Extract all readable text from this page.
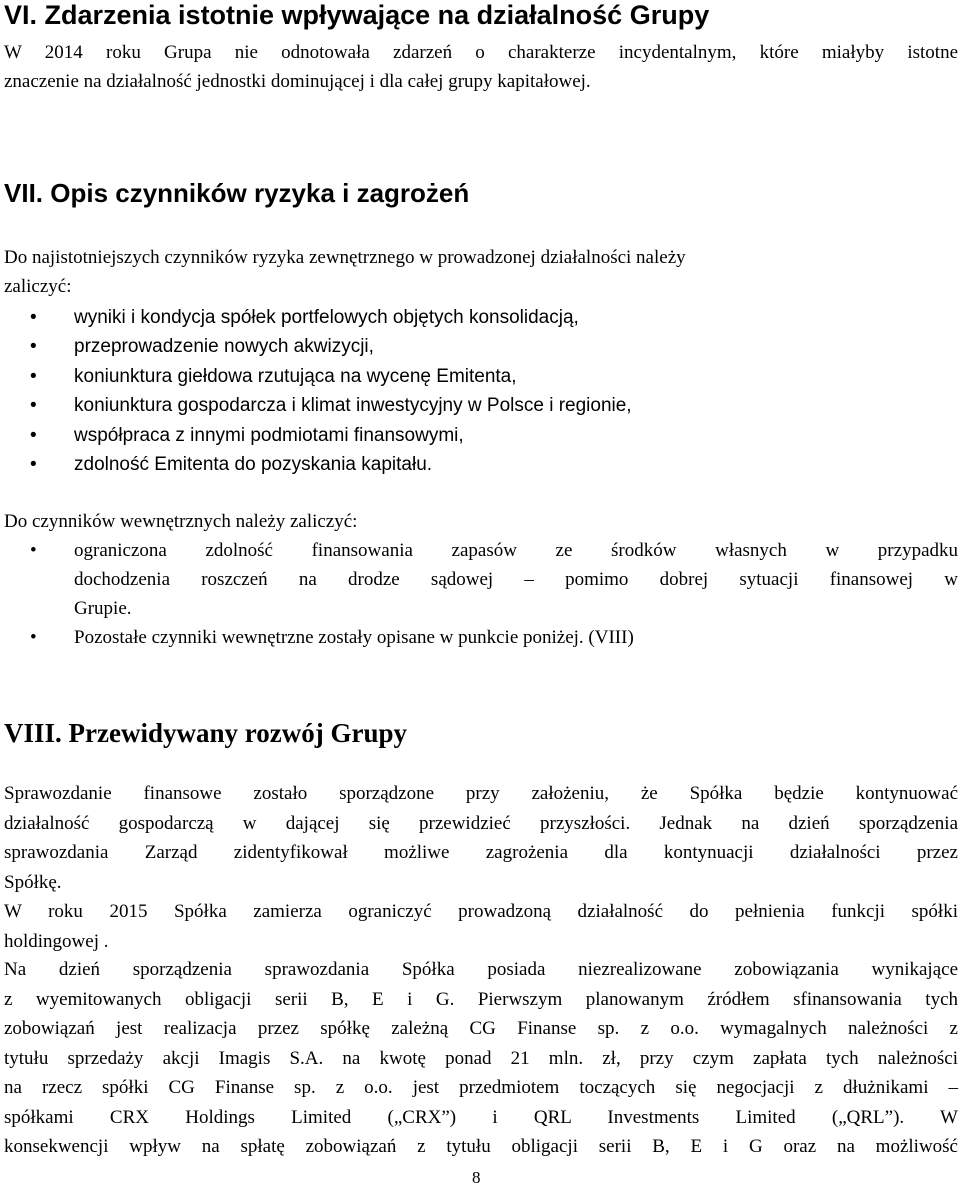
VI. Zdarzenia istotnie wpływające na działalność Grupy
W 2014 roku Grupa nie odnotowała zdarzeń o charakterze incydentalnym, które miałyby istotne
znaczenie na działalność jednostki dominującej i dla całej grupy kapitałowej.
VII. Opis czynników ryzyka i zagrożeń
Do najistotniejszych czynników ryzyka zewnętrznego w prowadzonej działalności należy
zaliczyć:
• wyniki i kondycja spółek portfelowych objętych konsolidacją,
• przeprowadzenie nowych akwizycji,
• koniunktura giełdowa rzutująca na wycenę Emitenta,
• koniunktura gospodarcza i klimat inwestycyjny w Polsce i regionie,
• współpraca z innymi podmiotami finansowymi,
• zdolność Emitenta do pozyskania kapitału.
Do czynników wewnętrznych należy zaliczyć:
• ograniczona zdolność finansowania zapasów ze środków własnych w przypadku
dochodzenia roszczeń na drodze sądowej – pomimo dobrej sytuacji finansowej w
Grupie.
• Pozostałe czynniki wewnętrzne zostały opisane w punkcie poniżej. (VIII)
VIII. Przewidywany rozwój Grupy
Sprawozdanie finansowe zostało sporządzone przy założeniu, że Spółka będzie kontynuować
działalność gospodarczą w dającej się przewidzieć przyszłości. Jednak na dzień sporządzenia
sprawozdania Zarząd zidentyfikował możliwe zagrożenia dla kontynuacji działalności przez
Spółkę.
W roku 2015 Spółka zamierza ograniczyć prowadzoną działalność do pełnienia funkcji spółki
holdingowej .
Na dzień sporządzenia sprawozdania Spółka posiada niezrealizowane zobowiązania wynikające
z wyemitowanych obligacji serii B, E i G. Pierwszym planowanym źródłem sfinansowania tych
zobowiązań jest realizacja przez spółkę zależną CG Finanse sp. z o.o. wymagalnych należności z
tytułu sprzedaży akcji Imagis S.A. na kwotę ponad 21 mln. zł, przy czym zapłata tych należności
na rzecz spółki CG Finanse sp. z o.o. jest przedmiotem toczących się negocjacji z dłużnikami –
spółkami CRX Holdings Limited („CRX”) i QRL Investments Limited („QRL”). W
konsekwencji wpływ na spłatę zobowiązań z tytułu obligacji serii B, E i G oraz na możliwość
8
